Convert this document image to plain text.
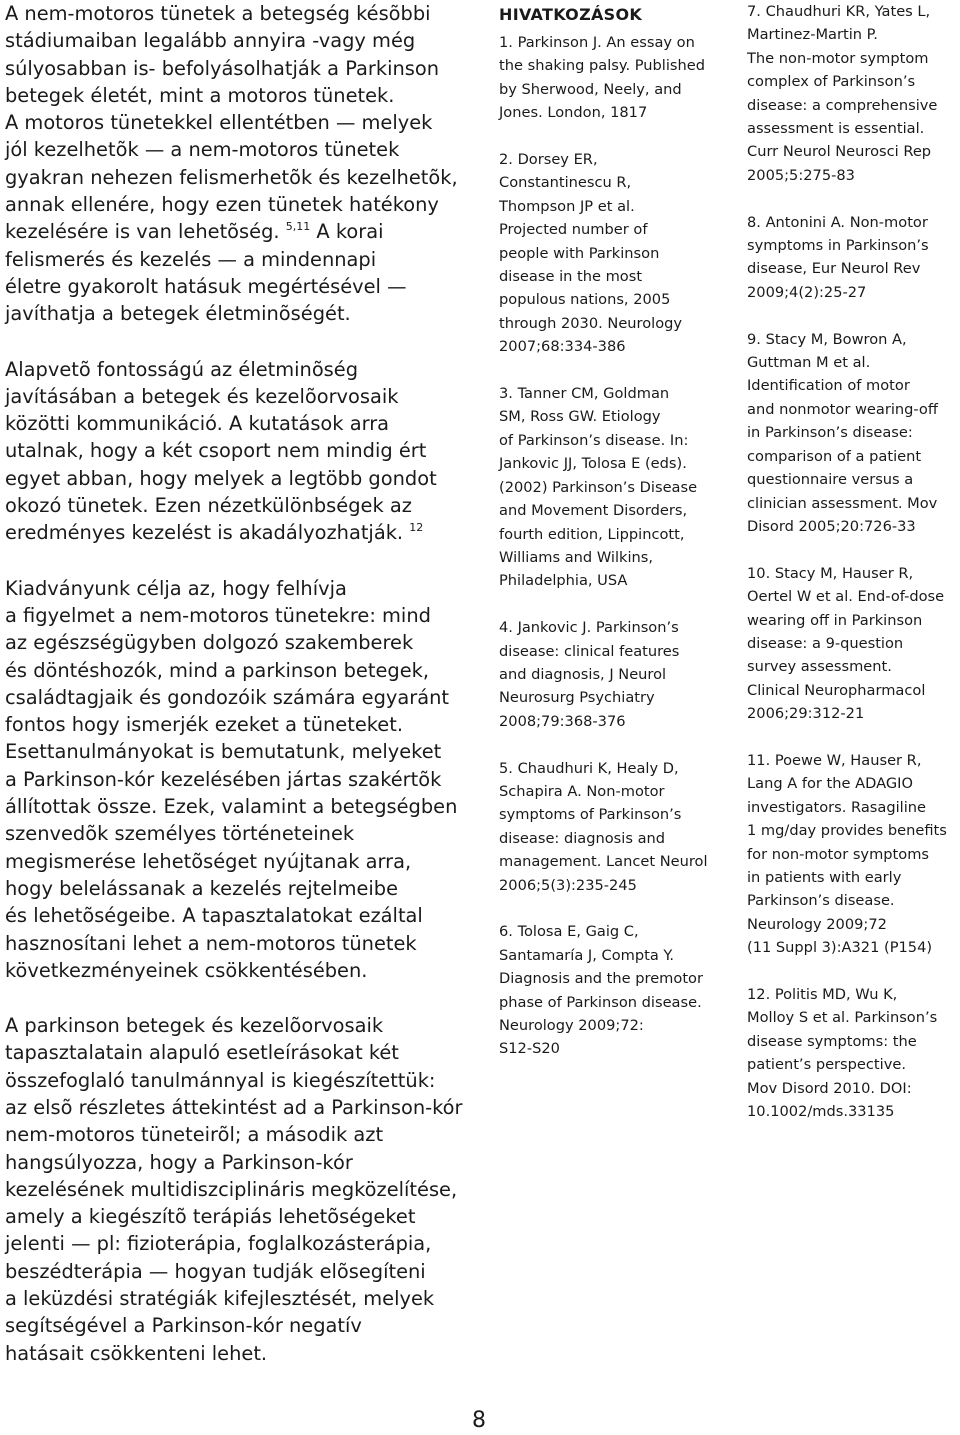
A nem-motoros tünetek a betegség késõbbi
stádiumaiban legalább annyira -vagy még
súlyosabban is- befolyásolhatják a Parkinson
betegek életét, mint a motoros tünetek.
A motoros tünetekkel ellentétben — melyek
jól kezelhetõk — a nem-motoros tünetek
gyakran nehezen felismerhetõk és kezelhetõk,
annak ellenére, hogy ezen tünetek hatékony
kezelésére is van lehetõség. $^{5,11}$ A korai
felismerés és kezelés — a mindennapi
életre gyakorolt hatásuk megértésével —
javíthatja a betegek életminõségét.
Alapvetõ fontosságú az életminõség
javításában a betegek és kezelõorvosaik
közötti kommunikáció. A kutatások arra
utalnak, hogy a két csoport nem mindig ért
egyet abban, hogy melyek a legtöbb gondot
okozó tünetek. Ezen nézetkülönbségek az
eredményes kezelést is akadályozhatják. $^{12}$
Kiadványunk célja az, hogy felhívja
a figyelmet a nem-motoros tünetekre: mind
az egészségügyben dolgozó szakemberek
és döntéshozók, mind a parkinson betegek,
családtagjaik és gondozóik számára egyaránt
fontos hogy ismerjék ezeket a tüneteket.
Esettanulmányokat is bemutatunk, melyeket
a Parkinson-kór kezelésében jártas szakértõk
állítottak össze. Ezek, valamint a betegségben
szenvedõk személyes történeteinek
megismerése lehetõséget nyújtanak arra,
hogy belelássanak a kezelés rejtelmeibe
és lehetõségeibe. A tapasztalatokat ezáltal
hasznosítani lehet a nem-motoros tünetek
következményeinek csökkentésében.
A parkinson betegek és kezelõorvosaik
tapasztalatain alapuló esetleírásokat két
összefoglaló tanulmánnyal is kiegészítettük:
az elsõ részletes áttekintést ad a Parkinson-kór
nem-motoros tüneteirõl; a második azt
hangsúlyozza, hogy a Parkinson-kór
kezelésének multidiszciplináris megközelítése,
amely a kiegészítõ terápiás lehetõségeket
jelenti — pl: fizioterápia, foglalkozásterápia,
beszédterápia — hogyan tudják elõsegíteni
a leküzdési stratégiák kifejlesztését, melyek
segítségével a Parkinson-kór negatív
hatásait csökkenteni lehet.
HIVATKOZÁSOK
1. Parkinson J. An essay on
the shaking palsy. Published
by Sherwood, Neely, and
Jones. London, 1817
2. Dorsey ER,
Constantinescu R,
Thompson JP et al.
Projected number of
people with Parkinson
disease in the most
populous nations, 2005
through 2030. Neurology
2007;68:334-386
3. Tanner CM, Goldman
SM, Ross GW. Etiology
of Parkinson’s disease. In:
Jankovic JJ, Tolosa E (eds).
(2002) Parkinson’s Disease
and Movement Disorders,
fourth edition, Lippincott,
Williams and Wilkins,
Philadelphia, USA
4. Jankovic J. Parkinson’s
disease: clinical features
and diagnosis, J Neurol
Neurosurg Psychiatry
2008;79:368-376
5. Chaudhuri K, Healy D,
Schapira A. Non-motor
symptoms of Parkinson’s
disease: diagnosis and
management. Lancet Neurol
2006;5(3):235-245
6. Tolosa E, Gaig C,
Santamaría J, Compta Y.
Diagnosis and the premotor
phase of Parkinson disease.
Neurology 2009;72:
S12-S20
7. Chaudhuri KR, Yates L,
Martinez-Martin P.
The non-motor symptom
complex of Parkinson’s
disease: a comprehensive
assessment is essential.
Curr Neurol Neurosci Rep
2005;5:275-83
8. Antonini A. Non-motor
symptoms in Parkinson’s
disease, Eur Neurol Rev
2009;4(2):25-27
9. Stacy M, Bowron A,
Guttman M et al.
Identification of motor
and nonmotor wearing-off
in Parkinson’s disease:
comparison of a patient
questionnaire versus a
clinician assessment. Mov
Disord 2005;20:726-33
10. Stacy M, Hauser R,
Oertel W et al. End-of-dose
wearing off in Parkinson
disease: a 9-question
survey assessment.
Clinical Neuropharmacol
2006;29:312-21
11. Poewe W, Hauser R,
Lang A for the ADAGIO
investigators. Rasagiline
1 mg/day provides benefits
for non-motor symptoms
in patients with early
Parkinson’s disease.
Neurology 2009;72
(11 Suppl 3):A321 (P154)
12. Politis MD, Wu K,
Molloy S et al. Parkinson’s
disease symptoms: the
patient’s perspective.
Mov Disord 2010. DOI:
10.1002/mds.33135
8
